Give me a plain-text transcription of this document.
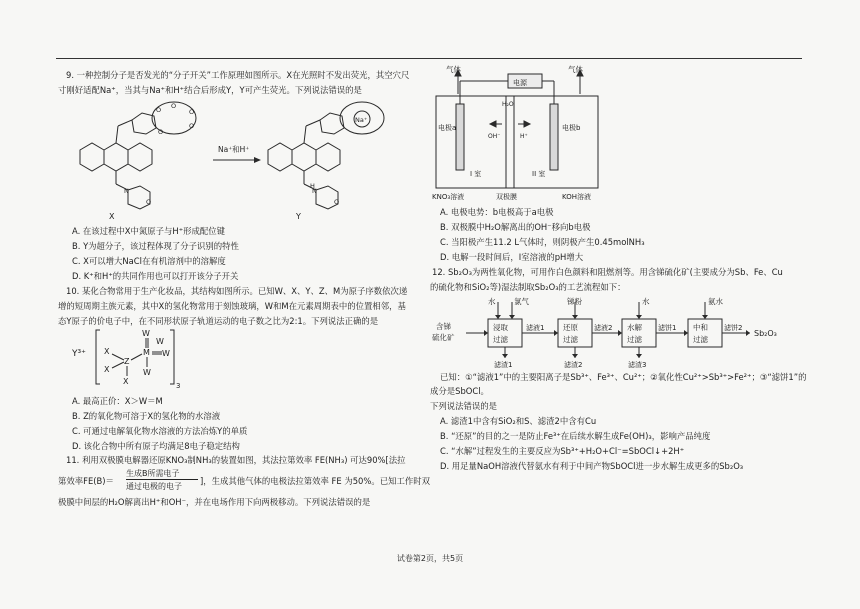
9. 一种控制分子是否发光的“分子开关”工作原理如图所示。X在光照时不发出荧光，其空穴尺
寸刚好适配Na⁺，当其与Na⁺和H⁺结合后形成Y，Y可产生荧光。下列说法错误的是
O
O
O
O
O
N
O
X
Na⁺和H⁺
Na⁺
H
N
O
Y
A. 在该过程中X中氮原子与H⁺形成配位键
B. Y为超分子，该过程体现了分子识别的特性
C. X可以增大NaCl在有机溶剂中的溶解度
D. K⁺和H⁺的共同作用也可以打开该分子开关
10. 某化合物常用于生产化妆品，其结构如图所示。已知W、X、Y、Z、M为原子序数依次递
增的短周期主族元素，其中X的氢化物常用于刻蚀玻璃，W和M在元素周期表中的位置相邻，基
态Y原子的价电子中，在不同形状原子轨道运动的电子数之比为2:1。下列说法正确的是
Y³⁺ X
X
X
Z
M
W
W
W
W
3
A. 最高正价：X＞W＝M
B. Z的氧化物可溶于X的氢化物的水溶液
C. 可通过电解氧化物水溶液的方法冶炼Y的单质
D. 该化合物中所有原子均满足8电子稳定结构
11. 利用双极膜电解器还原KNO₃制NH₃的装置如图，其法拉第效率 FE(NH₃) 可达90%[法拉
第效率FE(B)＝
生成B所需电子
通过电极的电子
]，生成其他气体的电极法拉第效率 FE 为50%。已知工作时双
极膜中间层的H₂O解离出H⁺和OH⁻，并在电场作用下向两极移动。下列说法错误的是
气体	气体
电源
电极a	电极b
H₂O
OH⁻	H⁺
I 室	II 室
KNO₃溶液	双极膜	KOH溶液
A. 电极电势：b电极高于a电极
B. 双极膜中H₂O解离出的OH⁻移向b电极
C. 当阳极产生11.2 L气体时，则阴极产生0.45molNH₃
D. 电解一段时间后，I室溶液的pH增大
12. Sb₂O₃为两性氧化物，可用作白色颜料和阻燃剂等。用含锑硫化矿(主要成分为Sb、Fe、Cu
的硫化物和SiO₂等)湿法制取Sb₂O₃的工艺流程如下：
含锑
硫化矿
水 氯气	锑粉	水	氨水
浸取
过滤
还原
过滤
水解
过滤
中和
过滤
滤液1	滤液2	滤饼1	滤饼2
滤渣1	滤渣2	滤渣3
Sb₂O₃
已知：①“滤液1”中的主要阳离子是Sb³⁺、Fe³⁺、Cu²⁺；②氧化性Cu²⁺>Sb³⁺>Fe²⁺；③“滤饼1”的
成分是SbOCl。
下列说法错误的是
A. 滤渣1中含有SiO₂和S、滤渣2中含有Cu
B. “还原”的目的之一是防止Fe³⁺在后续水解生成Fe(OH)₃，影响产品纯度
C. “水解”过程发生的主要反应为Sb³⁺+H₂O+Cl⁻=SbOCl↓+2H⁺
D. 用足量NaOH溶液代替氨水有利于中间产物SbOCl进一步水解生成更多的Sb₂O₃
试卷第2页，共5页
